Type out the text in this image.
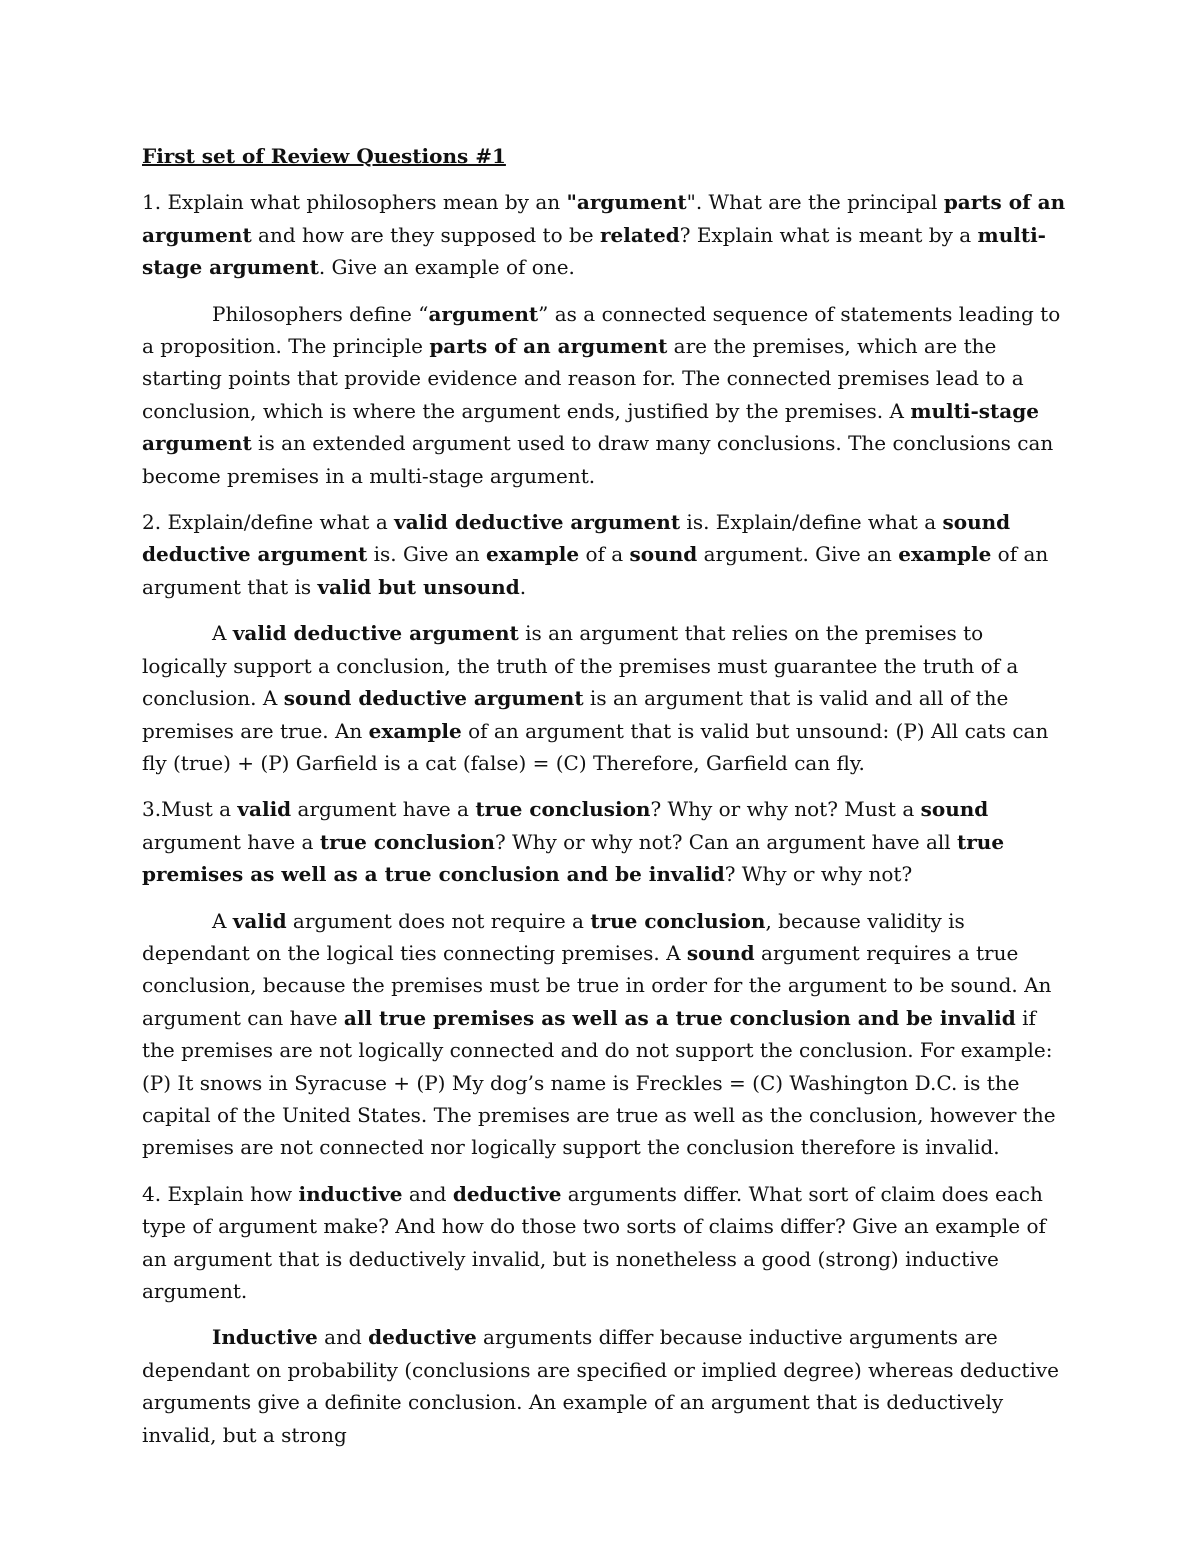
First set of Review Questions #1

1. Explain what philosophers mean by an "argument". What are the principal parts of an argument and how are they supposed to be related? Explain what is meant by a multi-stage argument. Give an example of one.

Philosophers define “argument” as a connected sequence of statements leading to a proposition. The principle parts of an argument are the premises, which are the starting points that provide evidence and reason for. The connected premises lead to a conclusion, which is where the argument ends, justified by the premises. A multi-stage argument is an extended argument used to draw many conclusions. The conclusions can become premises in a multi-stage argument.

2. Explain/define what a valid deductive argument is. Explain/define what a sound deductive argument is. Give an example of a sound argument. Give an example of an argument that is valid but unsound.

A valid deductive argument is an argument that relies on the premises to logically support a conclusion, the truth of the premises must guarantee the truth of a conclusion. A sound deductive argument is an argument that is valid and all of the premises are true. An example of an argument that is valid but unsound: (P) All cats can fly (true) + (P) Garfield is a cat (false) = (C) Therefore, Garfield can fly.

3.Must a valid argument have a true conclusion? Why or why not? Must a sound argument have a true conclusion? Why or why not? Can an argument have all true premises as well as a true conclusion and be invalid? Why or why not?

A valid argument does not require a true conclusion, because validity is dependant on the logical ties connecting premises. A sound argument requires a true conclusion, because the premises must be true in order for the argument to be sound. An argument can have all true premises as well as a true conclusion and be invalid if the premises are not logically connected and do not support the conclusion. For example: (P) It snows in Syracuse + (P) My dog’s name is Freckles = (C) Washington D.C. is the capital of the United States. The premises are true as well as the conclusion, however the premises are not connected nor logically support the conclusion therefore is invalid.

4. Explain how inductive and deductive arguments differ. What sort of claim does each type of argument make? And how do those two sorts of claims differ? Give an example of an argument that is deductively invalid, but is nonetheless a good (strong) inductive argument.

Inductive and deductive arguments differ because inductive arguments are dependant on probability (conclusions are specified or implied degree) whereas deductive arguments give a definite conclusion. An example of an argument that is deductively invalid, but a strong
